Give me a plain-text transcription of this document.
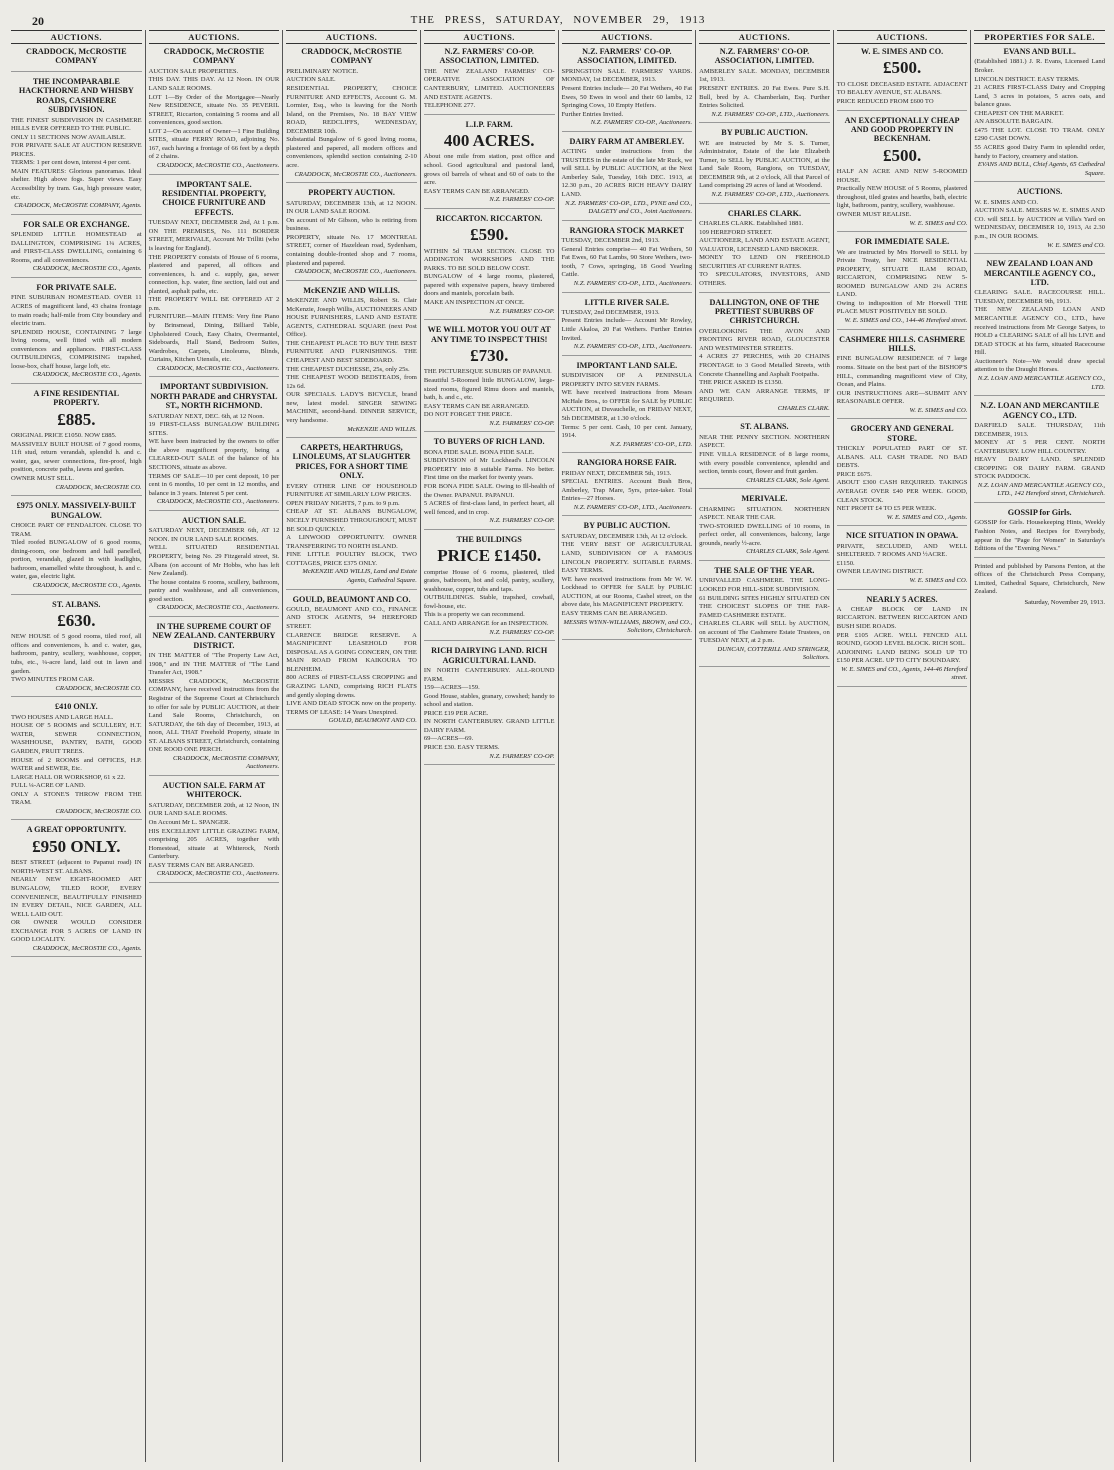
20	THE PRESS, SATURDAY, NOVEMBER 29, 1913
AUCTIONS.
CRADDOCK, McCROSTIE COMPANY
THE INCOMPARABLE HACKTHORNE AND WHISBY ROADS, CASHMERE SUBDIVISION.
THE FINEST SUBDIVISION IN CASHMERE HILLS EVER OFFERED TO THE PUBLIC.
ONLY 11 SECTIONS NOW AVAILABLE.
FOR PRIVATE SALE AT AUCTION RESERVE PRICES.
TERMS: 1 per cent down, interest 4 per cent.
MAIN FEATURES: Glorious panoramas. Ideal shelter. High above fogs. Super views. Easy Accessibility by tram. Gas, high pressure water, etc.
CRADDOCK, McCROSTIE COMPANY, Agents.
FOR SALE OR EXCHANGE.
SPLENDID LITTLE HOMESTEAD at DALLINGTON, COMPRISING 1¼ ACRES, and FIRST-CLASS DWELLING, containing 6 Rooms, and all conveniences.
CRADDOCK, McCROSTIE CO., Agents.
FOR PRIVATE SALE.
FINE SUBURBAN HOMESTEAD. OVER 11 ACRES of magnificent land, 43 chains frontage to main roads; half-mile from City boundary and electric tram.
SPLENDID HOUSE, CONTAINING 7 large living rooms, well fitted with all modern conveniences and appliances. FIRST-CLASS OUTBUILDINGS, COMPRISING trapshed, loose-box, chaff house, large loft, etc.
CRADDOCK, McCROSTIE CO., Agents.
A FINE RESIDENTIAL PROPERTY.
£885.
ORIGINAL PRICE £1050. NOW £885.
MASSIVELY BUILT HOUSE of 7 good rooms, 11ft stud, return verandah, splendid h. and c. water, gas, sewer connections, fire-proof, high position, concrete paths, lawns and garden.
OWNER MUST SELL.
CRADDOCK, McCROSTIE CO.
£975 ONLY. MASSIVELY-BUILT BUNGALOW.
CHOICE PART OF FENDALTON. CLOSE TO TRAM.
Tiled roofed BUNGALOW of 6 good rooms, dining-room, one bedroom and hall panelled, portion, verandah, glazed in with leadlights, bathroom, enamelled white throughout, h. and c. water, gas, electric light.
CRADDOCK, McCROSTIE CO., Agents.
ST. ALBANS.
£630.
NEW HOUSE of 5 good rooms, tiled roof, all offices and conveniences, h. and c. water, gas, bathroom, pantry, scullery, washhouse, copper, tubs, etc., ¼-acre land, laid out in lawn and garden.
TWO MINUTES FROM CAR.
CRADDOCK, McCROSTIE CO.
£410 ONLY.
TWO HOUSES AND LARGE HALL.
HOUSE OF 5 ROOMS and SCULLERY, H.T. WATER, SEWER CONNECTION, WASHHOUSE, PANTRY, BATH, GOOD GARDEN, FRUIT TREES.
HOUSE of 2 ROOMS and OFFICES, H.P. WATER and SEWER, Etc.
LARGE HALL OR WORKSHOP, 61 x 22.
FULL ¼-ACRE OF LAND.
ONLY A STONE'S THROW FROM THE TRAM.
CRADDOCK, McCROSTIE CO.
A GREAT OPPORTUNITY.
£950 ONLY.
BEST STREET (adjacent to Papanui road) IN NORTH-WEST ST. ALBANS.
NEARLY NEW EIGHT-ROOMED ART BUNGALOW, TILED ROOF, EVERY CONVENIENCE, BEAUTIFULLY FINISHED IN EVERY DETAIL, NICE GARDEN, ALL WELL LAID OUT.
OR OWNER WOULD CONSIDER EXCHANGE FOR 5 ACRES OF LAND IN GOOD LOCALITY.
CRADDOCK, McCROSTIE CO., Agents.
AUCTIONS.
CRADDOCK, McCROSTIE COMPANY
AUCTION SALE PROPERTIES.
THIS DAY. THIS DAY. At 12 Noon. IN OUR LAND SALE ROOMS.
LOT 1—By Order of the Mortgagee—Nearly New RESIDENCE, situate No. 35 PEVERIL STREET, Riccarton, containing 5 rooms and all conveniences, good section.
LOT 2—On account of Owner—1 Fine Building SITES, situate FERRY ROAD, adjoining No. 167, each having a frontage of 66 feet by a depth of 2 chains.
CRADDOCK, McCROSTIE CO., Auctioneers.
IMPORTANT SALE. RESIDENTIAL PROPERTY, CHOICE FURNITURE AND EFFECTS.
TUESDAY NEXT, DECEMBER 2nd, At 1 p.m. ON THE PREMISES, No. 111 BORDER STREET, MERIVALE, Account Mr Trilliti (who is leaving for England).
THE PROPERTY consists of House of 6 rooms, plastered and papered, all offices and conveniences, h. and c. supply, gas, sewer connection, h.p. water, fine section, laid out and planted, asphalt paths, etc.
THE PROPERTY WILL BE OFFERED AT 2 p.m.
FURNITURE—MAIN ITEMS: Very fine Piano by Brinsmead, Dining, Billiard Table, Upholstered Couch, Easy Chairs, Overmantel, Sideboards, Hall Stand, Bedroom Suites, Wardrobes, Carpets, Linoleums, Blinds, Curtains, Kitchen Utensils, etc.
CRADDOCK, McCROSTIE CO., Auctioneers.
IMPORTANT SUBDIVISION. NORTH PARADE and CHRYSTAL ST., NORTH RICHMOND.
SATURDAY NEXT, DEC. 6th, at 12 Noon.
19 FIRST-CLASS BUNGALOW BUILDING SITES.
WE have been instructed by the owners to offer the above magnificent property, being a CLEARED-OUT SALE of the balance of his SECTIONS, situate as above.
TERMS OF SALE—10 per cent deposit, 10 per cent in 6 months, 10 per cent in 12 months, and balance in 3 years. Interest 5 per cent.
CRADDOCK, McCROSTIE CO., Auctioneers.
AUCTION SALE.
SATURDAY NEXT, DECEMBER 6th, AT 12 NOON. IN OUR LAND SALE ROOMS.
WELL SITUATED RESIDENTIAL PROPERTY, being No. 29 Fitzgerald street, St. Albans (on account of Mr Hobbs, who has left New Zealand).
The house contains 6 rooms, scullery, bathroom, pantry and washhouse, and all conveniences, good section.
CRADDOCK, McCROSTIE CO., Auctioneers.
IN THE SUPREME COURT OF NEW ZEALAND. CANTERBURY DISTRICT.
IN THE MATTER of "The Property Law Act, 1908," and IN THE MATTER of "The Land Transfer Act, 1908."
MESSRS CRADDOCK, McCROSTIE COMPANY, have received instructions from the Registrar of the Supreme Court at Christchurch to offer for sale by PUBLIC AUCTION, at their Land Sale Rooms, Christchurch, on SATURDAY, the 6th day of December, 1913, at noon, ALL THAT Freehold Property, situate in ST. ALBANS STREET, Christchurch, containing ONE ROOD ONE PERCH.
CRADDOCK, McCROSTIE COMPANY, Auctioneers.
AUCTION SALE. FARM AT WHITEROCK.
SATURDAY, DECEMBER 20th, at 12 Noon, IN OUR LAND SALE ROOMS.
On Account Mr L. SPANGER.
HIS EXCELLENT LITTLE GRAZING FARM, comprising 205 ACRES, together with Homestead, situate at Whiterock, North Canterbury.
EASY TERMS CAN BE ARRANGED.
CRADDOCK, McCROSTIE CO., Auctioneers.
AUCTIONS.
CRADDOCK, McCROSTIE COMPANY
PRELIMINARY NOTICE.
AUCTION SALE.
RESIDENTIAL PROPERTY, CHOICE FURNITURE AND EFFECTS, Account G. M. Lormier, Esq., who is leaving for the North Island, on the Premises, No. 18 BAY VIEW ROAD, REDCLIFFS, WEDNESDAY, DECEMBER 10th.
Substantial Bungalow of 6 good living rooms, plastered and papered, all modern offices and conveniences, splendid section containing 2-10 acre.
CRADDOCK, McCROSTIE CO., Auctioneers.
PROPERTY AUCTION.
SATURDAY, DECEMBER 13th, at 12 NOON. IN OUR LAND SALE ROOM.
On account of Mr Gibson, who is retiring from business.
PROPERTY, situate No. 17 MONTREAL STREET, corner of Hazeldean road, Sydenham, containing double-fronted shop and 7 rooms, plastered and papered.
CRADDOCK, McCROSTIE CO., Auctioneers.
McKENZIE AND WILLIS.
McKENZIE AND WILLIS, Robert St. Clair McKenzie, Joseph Willis, AUCTIONEERS AND HOUSE FURNISHERS, LAND AND ESTATE AGENTS, CATHEDRAL SQUARE (next Post Office).
THE CHEAPEST PLACE TO BUY THE BEST FURNITURE AND FURNISHINGS. THE CHEAPEST AND BEST SIDEBOARD.
THE CHEAPEST DUCHESSE, 25s, only 25s.
THE CHEAPEST WOOD BEDSTEADS, from 12s 6d.
OUR SPECIALS. LADY'S BICYCLE, brand new, latest model. SINGER SEWING MACHINE, second-hand. DINNER SERVICE, very handsome.
McKENZIE AND WILLIS.
CARPETS, HEARTHRUGS, LINOLEUMS, AT SLAUGHTER PRICES, FOR A SHORT TIME ONLY.
EVERY OTHER LINE OF HOUSEHOLD FURNITURE AT SIMILARLY LOW PRICES.
OPEN FRIDAY NIGHTS, 7 p.m. to 9 p.m.
CHEAP AT ST. ALBANS BUNGALOW, NICELY FURNISHED THROUGHOUT, MUST BE SOLD QUICKLY.
A LINWOOD OPPORTUNITY. OWNER TRANSFERRING TO NORTH ISLAND.
FINE LITTLE POULTRY BLOCK, TWO COTTAGES, PRICE £375 ONLY.
McKENZIE AND WILLIS, Land and Estate Agents, Cathedral Square.
GOULD, BEAUMONT AND CO.
GOULD, BEAUMONT AND CO., FINANCE AND STOCK AGENTS, 94 HEREFORD STREET.
CLARENCE BRIDGE RESERVE. A MAGNIFICENT LEASEHOLD FOR DISPOSAL AS A GOING CONCERN, ON THE MAIN ROAD FROM KAIKOURA TO BLENHEIM.
800 ACRES of FIRST-CLASS CROPPING and GRAZING LAND, comprising RICH FLATS and gently sloping downs.
LIVE AND DEAD STOCK now on the property.
TERMS OF LEASE: 14 Years Unexpired.
GOULD, BEAUMONT AND CO.
AUCTIONS.
N.Z. FARMERS' CO-OP. ASSOCIATION, LIMITED.
THE NEW ZEALAND FARMERS' CO-OPERATIVE ASSOCIATION OF CANTERBURY, LIMITED. AUCTIONEERS AND ESTATE AGENTS.
TELEPHONE 277.
L.I.P. FARM.
400 ACRES.
About one mile from station, post office and school. Good agricultural and pastoral land, grows oil barrels of wheat and 60 of oats to the acre.
EASY TERMS CAN BE ARRANGED.
N.Z. FARMERS' CO-OP.
RICCARTON. RICCARTON.
£590.
WITHIN 5d TRAM SECTION. CLOSE TO ADDINGTON WORKSHOPS AND THE PARKS. TO BE SOLD BELOW COST.
BUNGALOW of 4 large rooms, plastered, papered with expensive papers, heavy timbered doors and mantels, porcelain bath.
MAKE AN INSPECTION AT ONCE.
N.Z. FARMERS' CO-OP.
WE WILL MOTOR YOU OUT AT ANY TIME TO INSPECT THIS!
£730.
THE PICTURESQUE SUBURB OF PAPANUI.
Beautiful 5-Roomed little BUNGALOW, large-sized rooms, figured Rimu doors and mantels, bath, h. and c., etc.
EASY TERMS CAN BE ARRANGED.
DO NOT FORGET THE PRICE.
N.Z. FARMERS' CO-OP.
TO BUYERS OF RICH LAND.
BONA FIDE SALE. BONA FIDE SALE.
SUBDIVISION of Mr Lockhead's LINCOLN PROPERTY into 8 suitable Farms. No better. First time on the market for twenty years.
FOR BONA FIDE SALE. Owing to Ill-health of the Owner. PAPANUI. PAPANUI.
5 ACRES of first-class land, in perfect heart, all well fenced, and in crop.
N.Z. FARMERS' CO-OP.
THE BUILDINGS
PRICE £1450.
comprise House of 6 rooms, plastered, tiled grates, bathroom, hot and cold, pantry, scullery, washhouse, copper, tubs and taps.
OUTBUILDINGS. Stable, trapshed, cowbail, fowl-house, etc.
This is a property we can recommend.
CALL AND ARRANGE for an INSPECTION.
N.Z. FARMERS' CO-OP.
RICH DAIRYING LAND. RICH AGRICULTURAL LAND.
IN NORTH CANTERBURY. ALL-ROUND FARM.
159—ACRES—159.
Good House, stables, granary, cowshed; handy to school and station.
PRICE £19 PER ACRE.
IN NORTH CANTERBURY. GRAND LITTLE DAIRY FARM.
69—ACRES—69.
PRICE £30. EASY TERMS.
N.Z. FARMERS' CO-OP.
AUCTIONS.
N.Z. FARMERS' CO-OP. ASSOCIATION, LIMITED.
SPRINGSTON SALE. FARMERS' YARDS. MONDAY, 1st DECEMBER, 1913.
Present Entries include— 20 Fat Wethers, 40 Fat Ewes, 50 Ewes in wool and their 60 lambs, 12 Springing Cows, 10 Empty Heifers.
Further Entries Invited.
N.Z. FARMERS' CO-OP., Auctioneers.
DAIRY FARM AT AMBERLEY.
ACTING under instructions from the TRUSTEES in the estate of the late Mr Ruck, we will SELL by PUBLIC AUCTION, at the Next Amberley Sale, Tuesday, 16th DEC. 1913, at 12.30 p.m., 20 ACRES RICH HEAVY DAIRY LAND.
N.Z. FARMERS' CO-OP., LTD., PYNE and CO., DALGETY and CO., Joint Auctioneers.
RANGIORA STOCK MARKET
TUESDAY, DECEMBER 2nd, 1913.
General Entries comprise— 40 Fat Wethers, 50 Fat Ewes, 60 Fat Lambs, 90 Store Wethers, two-tooth, 7 Cows, springing, 18 Good Yearling Cattle.
N.Z. FARMERS' CO-OP., LTD., Auctioneers.
LITTLE RIVER SALE.
TUESDAY, 2nd DECEMBER, 1913.
Present Entries include— Account Mr Rowley, Little Akaloa, 20 Fat Wethers. Further Entries Invited.
N.Z. FARMERS' CO-OP., LTD., Auctioneers.
IMPORTANT LAND SALE.
SUBDIVISION OF A PENINSULA PROPERTY INTO SEVEN FARMS.
WE have received instructions from Messrs McHale Bros., to OFFER for SALE by PUBLIC AUCTION, at Duvauchelle, on FRIDAY NEXT, 5th DECEMBER, at 1.30 o'clock.
Terms: 5 per cent. Cash, 10 per cent. January, 1914.
N.Z. FARMERS' CO-OP., LTD.
RANGIORA HORSE FAIR.
FRIDAY NEXT, DECEMBER 5th, 1913.
SPECIAL ENTRIES. Account Bush Bros, Amberley, Trap Mare, 5yrs, prize-taker. Total Entries—27 Horses.
N.Z. FARMERS' CO-OP., LTD., Auctioneers.
BY PUBLIC AUCTION.
SATURDAY, DECEMBER 13th, At 12 o'clock.
THE VERY BEST OF AGRICULTURAL LAND, SUBDIVISION OF A FAMOUS LINCOLN PROPERTY. SUITABLE FARMS. EASY TERMS.
WE have received instructions from Mr W. W. Lockhead to OFFER for SALE by PUBLIC AUCTION, at our Rooms, Cashel street, on the above date, his MAGNIFICENT PROPERTY.
EASY TERMS CAN BE ARRANGED.
MESSRS WYNN-WILLIAMS, BROWN, and CO., Solicitors, Christchurch.
AUCTIONS.
N.Z. FARMERS' CO-OP. ASSOCIATION, LIMITED.
AMBERLEY SALE. MONDAY, DECEMBER 1st, 1913.
PRESENT ENTRIES. 20 Fat Ewes. Pure S.H. Bull, bred by A. Chamberlain, Esq. Further Entries Solicited.
N.Z. FARMERS' CO-OP., LTD., Auctioneers.
BY PUBLIC AUCTION.
WE are instructed by Mr S. S. Turner, Administrator, Estate of the late Elizabeth Turner, to SELL by PUBLIC AUCTION, at the Land Sale Room, Rangiora, on TUESDAY, DECEMBER 9th, at 2 o'clock, All that Parcel of Land comprising 29 acres of land at Woodend.
N.Z. FARMERS' CO-OP., LTD., Auctioneers.
CHARLES CLARK.
CHARLES CLARK. Established 1881.
109 HEREFORD STREET.
AUCTIONEER, LAND AND ESTATE AGENT, VALUATOR, LICENSED LAND BROKER.
MONEY TO LEND ON FREEHOLD SECURITIES AT CURRENT RATES.
TO SPECULATORS, INVESTORS, AND OTHERS.
DALLINGTON, ONE OF THE PRETTIEST SUBURBS OF CHRISTCHURCH.
OVERLOOKING THE AVON AND FRONTING RIVER ROAD, GLOUCESTER AND WESTMINSTER STREETS.
4 ACRES 27 PERCHES, with 20 CHAINS FRONTAGE to 3 Good Metalled Streets, with Concrete Channelling and Asphalt Footpaths.
THE PRICE ASKED IS £1350.
AND WE CAN ARRANGE TERMS, IF REQUIRED.
CHARLES CLARK.
ST. ALBANS.
NEAR THE PENNY SECTION. NORTHERN ASPECT.
FINE VILLA RESIDENCE of 8 large rooms, with every possible convenience, splendid and section, tennis court, flower and fruit garden.
CHARLES CLARK, Sole Agent.
MERIVALE.
CHARMING SITUATION. NORTHERN ASPECT. NEAR THE CAR.
TWO-STORIED DWELLING of 10 rooms, in perfect order, all conveniences, balcony, large grounds, nearly ½-acre.
CHARLES CLARK, Sole Agent.
THE SALE OF THE YEAR.
UNRIVALLED CASHMERE. THE LONG-LOOKED FOR HILL-SIDE SUBDIVISION.
61 BUILDING SITES HIGHLY SITUATED ON THE CHOICEST SLOPES OF THE FAR-FAMED CASHMERE ESTATE.
CHARLES CLARK will SELL by AUCTION, on account of The Cashmere Estate Trustees, on TUESDAY NEXT, at 2 p.m.
DUNCAN, COTTERILL AND STRINGER, Solicitors.
AUCTIONS.
W. E. SIMES AND CO.
£500.
TO CLOSE DECEASED ESTATE. ADJACENT TO BEALEY AVENUE, ST. ALBANS.
PRICE REDUCED FROM £600 TO
AN EXCEPTIONALLY CHEAP AND GOOD PROPERTY IN BECKENHAM.
£500.
HALF AN ACRE AND NEW 5-ROOMED HOUSE.
Practically NEW HOUSE of 5 Rooms, plastered throughout, tiled grates and hearths, bath, electric light, bathroom, pantry, scullery, washhouse.
OWNER MUST REALISE.
W. E. SIMES and CO.
FOR IMMEDIATE SALE.
We are instructed by Mrs Horwell to SELL by Private Treaty, her NICE RESIDENTIAL PROPERTY, SITUATE ILAM ROAD, RICCARTON, COMPRISING NEW 5-ROOMED BUNGALOW AND 2¼ ACRES LAND.
Owing to indisposition of Mr Horwell THE PLACE MUST POSITIVELY BE SOLD.
W. E. SIMES and CO., 144-46 Hereford street.
CASHMERE HILLS. CASHMERE HILLS.
FINE BUNGALOW RESIDENCE of 7 large rooms. Situate on the best part of the BISHOP'S HILL, commanding magnificent view of City, Ocean, and Plains.
OUR INSTRUCTIONS ARE—SUBMIT ANY REASONABLE OFFER.
W. E. SIMES and CO.
GROCERY AND GENERAL STORE.
THICKLY POPULATED PART OF ST. ALBANS. ALL CASH TRADE. NO BAD DEBTS.
PRICE £675.
ABOUT £300 CASH REQUIRED. TAKINGS AVERAGE OVER £40 PER WEEK. GOOD, CLEAN STOCK.
NET PROFIT £4 TO £5 PER WEEK.
W. E. SIMES and CO., Agents.
NICE SITUATION IN OPAWA.
PRIVATE, SECLUDED, AND WELL SHELTERED. 7 ROOMS AND ½ACRE.
£1150.
OWNER LEAVING DISTRICT.
W. E. SIMES and CO.
NEARLY 5 ACRES.
A CHEAP BLOCK OF LAND IN RICCARTON. BETWEEN RICCARTON AND BUSH SIDE ROADS.
PER £105 ACRE. WELL FENCED ALL ROUND, GOOD LEVEL BLOCK. RICH SOIL.
ADJOINING LAND BEING SOLD UP TO £150 PER ACRE. UP TO CITY BOUNDARY.
W. E. SIMES and CO., Agents, 144-46 Hereford street.
PROPERTIES FOR SALE.
EVANS AND BULL.
(Established 1881.) J. R. Evans, Licensed Land Broker.
LINCOLN DISTRICT. EASY TERMS.
21 ACRES FIRST-CLASS Dairy and Cropping Land, 3 acres in potatoes, 5 acres oats, and balance grass.
CHEAPEST ON THE MARKET.
AN ABSOLUTE BARGAIN.
£475 THE LOT. CLOSE TO TRAM. ONLY £290 CASH DOWN.
55 ACRES good Dairy Farm in splendid order, handy to Factory, creamery and station.
EVANS AND BULL, Chief Agents, 65 Cathedral Square.
AUCTIONS.
W. E. SIMES AND CO.
AUCTION SALE. MESSRS W. E. SIMES AND CO. will SELL by AUCTION at Villa's Yard on WEDNESDAY, DECEMBER 10, 1913, At 2.30 p.m., IN OUR ROOMS.
W. E. SIMES and CO.
NEW ZEALAND LOAN AND MERCANTILE AGENCY CO., LTD.
CLEARING SALE. RACECOURSE HILL. TUESDAY, DECEMBER 9th, 1913.
THE NEW ZEALAND LOAN AND MERCANTILE AGENCY CO., LTD., have received instructions from Mr George Satyes, to HOLD a CLEARING SALE of all his LIVE and DEAD STOCK at his farm, situated Racecourse Hill.
Auctioneer's Note—We would draw special attention to the Draught Horses.
N.Z. LOAN AND MERCANTILE AGENCY CO., LTD.
N.Z. LOAN AND MERCANTILE AGENCY CO., LTD.
DARFIELD SALE. THURSDAY, 11th DECEMBER, 1913.
MONEY AT 5 PER CENT. NORTH CANTERBURY. LOW HILL COUNTRY.
HEAVY DAIRY LAND. SPLENDID CROPPING OR DAIRY FARM. GRAND STOCK PADDOCK.
N.Z. LOAN AND MERCANTILE AGENCY CO., LTD., 142 Hereford street, Christchurch.
GOSSIP for Girls.
GOSSIP for Girls. Housekeeping Hints, Weekly Fashion Notes, and Recipes for Everybody, appear in the "Page for Women" in Saturday's Editions of the "Evening News."
Printed and published by Parsons Fenton, at the offices of the Christchurch Press Company, Limited, Cathedral Square, Christchurch, New Zealand.
Saturday, November 29, 1913.
